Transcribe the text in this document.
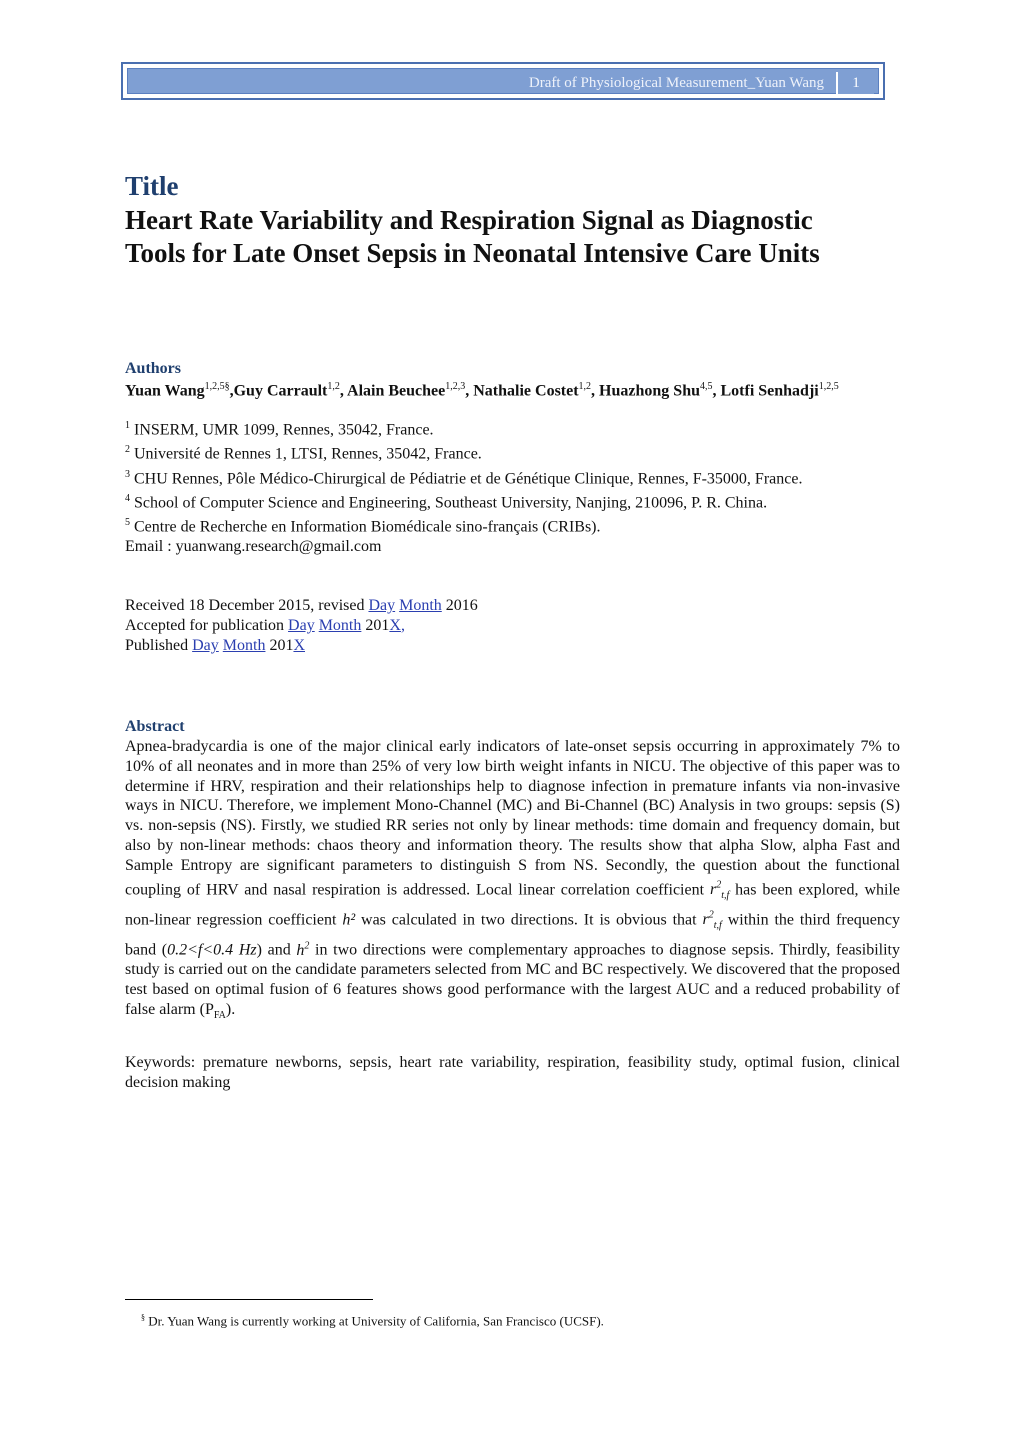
Draft of Physiological Measurement_Yuan Wang	1
Title
Heart Rate Variability and Respiration Signal as Diagnostic
Tools for Late Onset Sepsis in Neonatal Intensive Care Units
Authors
Yuan Wang$^{1,2,5\S}$,Guy Carrault$^{1,2}$, Alain Beuchee$^{1,2,3}$, Nathalie Costet$^{1,2}$, Huazhong Shu$^{4,5}$, Lotfi Senhadji$^{1,2,5}$
$^1$ INSERM, UMR 1099, Rennes, 35042, France.
$^2$ Université de Rennes 1, LTSI, Rennes, 35042, France.
$^3$ CHU Rennes, Pôle Médico-Chirurgical de Pédiatrie et de Génétique Clinique, Rennes, F-35000, France.
$^4$ School of Computer Science and Engineering, Southeast University, Nanjing, 210096, P. R. China.
$^5$ Centre de Recherche en Information Biomédicale sino-français (CRIBs).
Email : yuanwang.research@gmail.com
Received 18 December 2015, revised Day Month 2016
Accepted for publication Day Month 201X,
Published Day Month 201X
Abstract
Apnea-bradycardia is one of the major clinical early indicators of late-onset sepsis occurring in approximately 7% to 10% of all neonates and in more than 25% of very low birth weight infants in NICU. The objective of this paper was to determine if HRV, respiration and their relationships help to diagnose infection in premature infants via non-invasive ways in NICU. Therefore, we implement Mono-Channel (MC) and Bi-Channel (BC) Analysis in two groups: sepsis (S) vs. non-sepsis (NS). Firstly, we studied RR series not only by linear methods: time domain and frequency domain, but also by non-linear methods: chaos theory and information theory. The results show that alpha Slow, alpha Fast and Sample Entropy are significant parameters to distinguish S from NS. Secondly, the question about the functional coupling of HRV and nasal respiration is addressed. Local linear correlation coefficient $r^2_{t,f}$ has been explored, while non-linear regression coefficient h² was calculated in two directions. It is obvious that $r^2_{t,f}$ within the third frequency band (0.2<f<0.4 Hz) and $h^2$ in two directions were complementary approaches to diagnose sepsis. Thirdly, feasibility study is carried out on the candidate parameters selected from MC and BC respectively. We discovered that the proposed test based on optimal fusion of 6 features shows good performance with the largest AUC and a reduced probability of false alarm $(P_{FA})$.
Keywords: premature newborns, sepsis, heart rate variability, respiration, feasibility study, optimal fusion, clinical decision making
§ Dr. Yuan Wang is currently working at University of California, San Francisco (UCSF).
